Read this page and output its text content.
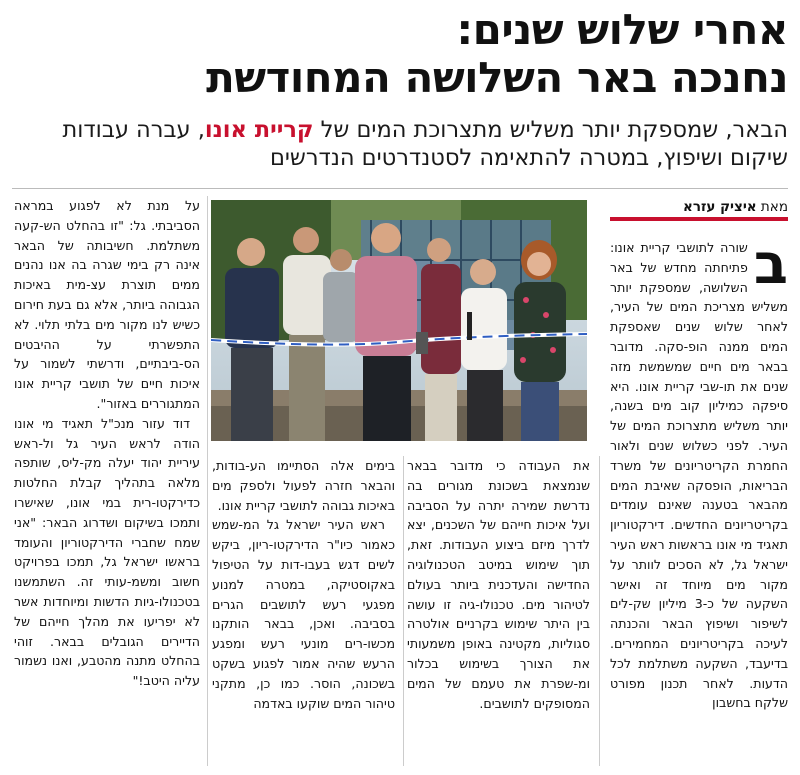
אחרי שלוש שנים:
נחנכה באר השלושה המחודשת
הבאר, שמספקת יותר משליש מתצרוכת המים של קריית אונו, עברה עבודות שיקום ושיפוץ, במטרה להתאימה לסטנדרטים הנדרשים
מאת איציק עזרא
ב

שורה לתושבי קריית אונו: פתיחתה מחדש של באר השלושה, שמספקת יותר משליש מצריכת המים של העיר, לאחר שלוש שנים שאספקת המים ממנה הופ-סקה. מדובר בבאר מים חיים שמשמשת מזה שנים את תו-שבי קריית אונו. היא סיפקה כמיליון קוב מים בשנה, יותר משליש מתצרוכת המים של העיר. לפני כשלוש שנים ולאור החמרת הקריטריונים של משרד הבריאות, הופסקה שאיבת המים מהבאר בטענה שאינם עומדים בקריטריונים החדשים. דירקטוריון תאגיד מי אונו בראשות ראש העיר ישראל גל, לא הסכים לוותר על מקור מים מיוחד זה ואישר השקעה של כ-3 מיליון שק-לים לשיפור ושיפוץ הבאר והכנתה לעיכה בקריטריונים המחמירים. בדיעבד, השקעה משתלמת לכל הדעות. לאחר תכנון מפורט שלקח בחשבון

את העבודה כי מדובר בבאר שנמצאת בשכונת מגורים בה נדרשת שמירה יתרה על הסביבה ועל איכות חייהם של השכנים, יצא לדרך מיזם ביצוע העבודות. זאת, תוך שימוש במיטב הטכנולוגיה החדישה והעדכנית ביותר בעולם לטיהור מים. טכנולו-גיה זו עושה בין היתר שימוש בקרניים אולטרה סגוליות, מקטינה באופן משמעותי את הצורך בשימוש בכלור ומ-שפרת את טעמם של המים המסופקים לתושבים.

בימים אלה הסתיימו הע-בודות, והבאר חזרה לפעול ולספק מים באיכות גבוהה לתושבי קריית אונו.

ראש העיר ישראל גל המ-שמש כאמור כיו"ר הדירקטו-ריון, ביקש לשים דגש בעבו-דות על הטיפול באקוסטיקה, במטרה למנוע מפגעי רעש לתושבים הגרים בסביבה. ואכן, בבאר הותקנו מכשו-רים מונעי רעש ומפגע הרעש שהיה אמור לפגוע בשקט בשכונה, הוסר. כמו כן, מתקני טיהור המים שוקעו באדמה

על מנת לא לפגוע במראה הסביבתי. גל: "זו בהחלט הש-קעה משתלמת. חשיבותה של הבאר אינה רק בימי שגרה בה אנו נהנים ממים תוצרת עצ-מית באיכות הגבוהה ביותר, אלא גם בעת חירום כשיש לנו מקור מים בלתי תלוי. לא התפשרתי על ההיבטים הס-ביבתיים, ודרשתי לשמור על איכות חיים של תושבי קריית אונו המתגוררים באזור".

דוד עזור מנכ"ל תאגיד מי אונו הודה לראש העיר גל ול-ראש עיריית יהוד יעלה מק-ליס, שותפה מלאה בתהליך קבלת החלטות כדירקטו-רית במי אונו, שאישרו ותמכו בשיקום ושדרוג הבאר: "אני שמח שחברי הדירקטוריון והעומד בראשו ישראל גל, תמכו בפרויקט חשוב ומשמ-עותי זה. השתמשנו בטכנולו-גיות הדשות ומיוחדות אשר לא יפריעו את מהלך חייהם של הדיירים הגובלים בבאר. זוהי בהחלט מתנה מהטבע, ואנו נשמור עליה היטב!"
